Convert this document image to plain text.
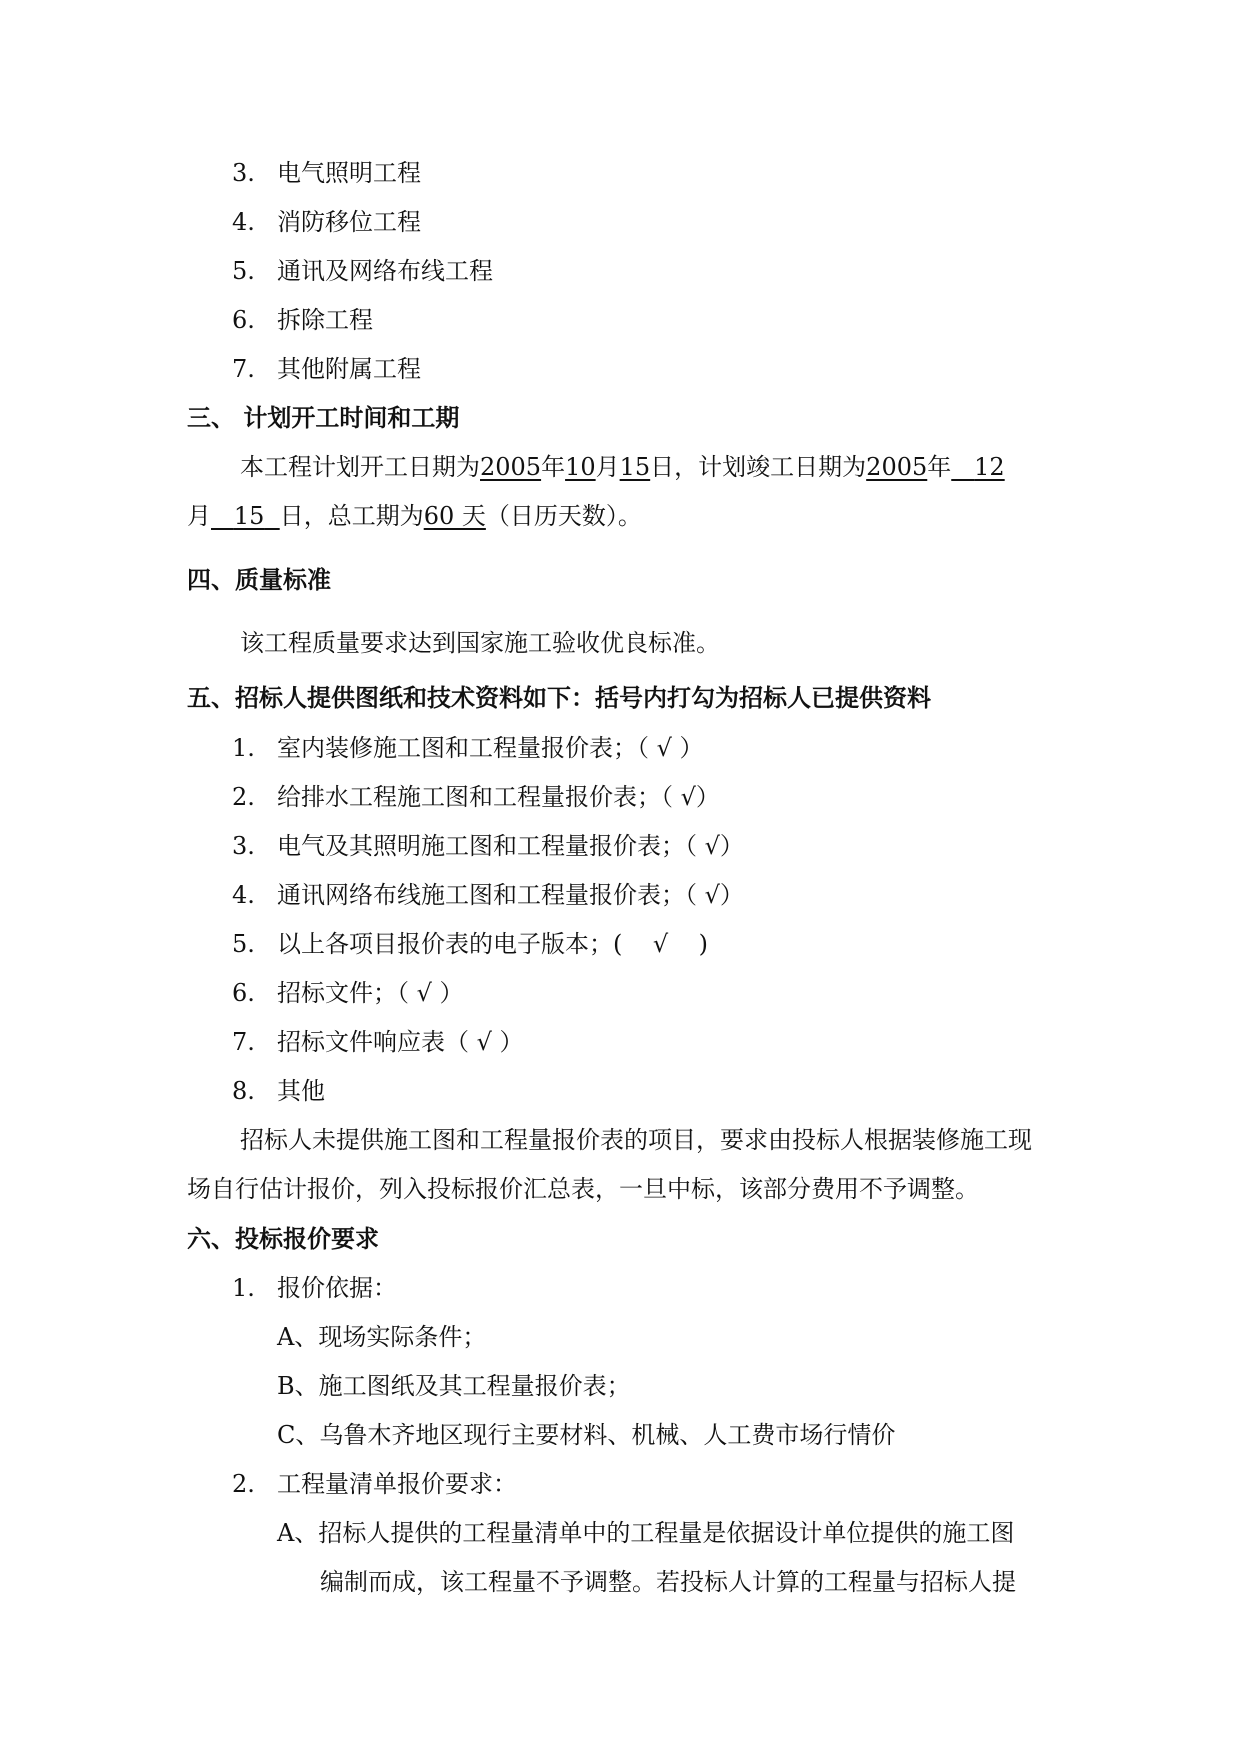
3. 电气照明工程
4. 消防移位工程
5. 通讯及网络布线工程
6. 拆除工程
7. 其他附属工程
三、 计划开工时间和工期
本工程计划开工日期为2005年10月15日，计划竣工日期为2005年 12
月 15 日，总工期为60 天（日历天数）。
四、质量标准
该工程质量要求达到国家施工验收优良标准。
五、招标人提供图纸和技术资料如下：括号内打勾为招标人已提供资料
1. 室内装修施工图和工程量报价表；（ √ ）
2. 给排水工程施工图和工程量报价表；（ √）
3. 电气及其照明施工图和工程量报价表；（ √）
4. 通讯网络布线施工图和工程量报价表；（ √）
5. 以上各项目报价表的电子版本；(    √    )
6. 招标文件；（ √ ）
7. 招标文件响应表（ √ ）
8. 其他
招标人未提供施工图和工程量报价表的项目，要求由投标人根据装修施工现
场自行估计报价，列入投标报价汇总表，一旦中标，该部分费用不予调整。
六、投标报价要求
1. 报价依据：
A、现场实际条件；
B、施工图纸及其工程量报价表；
C、乌鲁木齐地区现行主要材料、机械、人工费市场行情价
2. 工程量清单报价要求：
A、招标人提供的工程量清单中的工程量是依据设计单位提供的施工图
编制而成，该工程量不予调整。若投标人计算的工程量与招标人提
